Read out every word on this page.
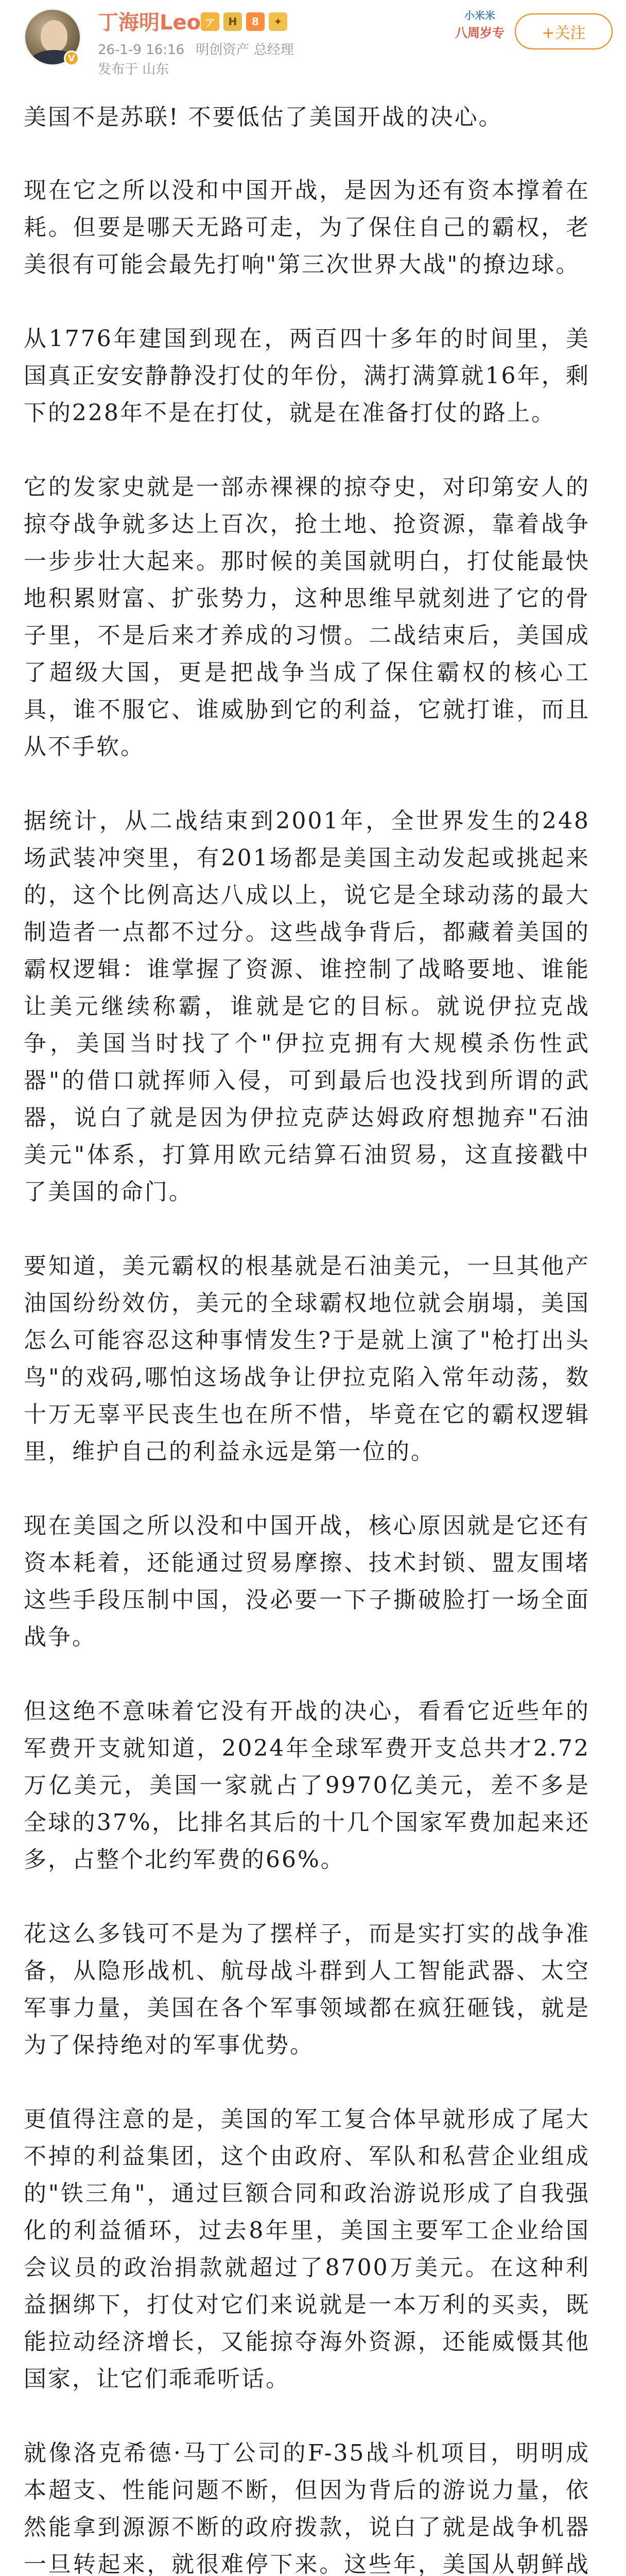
V
丁海明Leo ア	H	8	✦
26-1-9 16:16 明创资产 总经理
发布于 山东
小米米
八周岁专	+关注

美国不是苏联! 不要低估了美国开战的决心。

现在它之所以没和中国开战，是因为还有资本撑着在耗。但要是哪天无路可走，为了保住自己的霸权，老美很有可能会最先打响"第三次世界大战"的撩边球。

从1776年建国到现在，两百四十多年的时间里，美国真正安安静静没打仗的年份，满打满算就16年，剩下的228年不是在打仗，就是在准备打仗的路上。

它的发家史就是一部赤裸裸的掠夺史，对印第安人的掠夺战争就多达上百次，抢土地、抢资源，靠着战争一步步壮大起来。那时候的美国就明白，打仗能最快地积累财富、扩张势力，这种思维早就刻进了它的骨子里，不是后来才养成的习惯。二战结束后，美国成了超级大国，更是把战争当成了保住霸权的核心工具，谁不服它、谁威胁到它的利益，它就打谁，而且从不手软。

据统计，从二战结束到2001年，全世界发生的248场武装冲突里，有201场都是美国主动发起或挑起来的，这个比例高达八成以上，说它是全球动荡的最大制造者一点都不过分。这些战争背后，都藏着美国的霸权逻辑：谁掌握了资源、谁控制了战略要地、谁能让美元继续称霸，谁就是它的目标。就说伊拉克战争，美国当时找了个"伊拉克拥有大规模杀伤性武器"的借口就挥师入侵，可到最后也没找到所谓的武器，说白了就是因为伊拉克萨达姆政府想抛弃"石油美元"体系，打算用欧元结算石油贸易，这直接戳中了美国的命门。

要知道，美元霸权的根基就是石油美元，一旦其他产油国纷纷效仿，美元的全球霸权地位就会崩塌，美国怎么可能容忍这种事情发生?于是就上演了"枪打出头鸟"的戏码,哪怕这场战争让伊拉克陷入常年动荡，数十万无辜平民丧生也在所不惜，毕竟在它的霸权逻辑里，维护自己的利益永远是第一位的。

现在美国之所以没和中国开战，核心原因就是它还有资本耗着，还能通过贸易摩擦、技术封锁、盟友围堵这些手段压制中国，没必要一下子撕破脸打一场全面战争。

但这绝不意味着它没有开战的决心，看看它近些年的军费开支就知道，2024年全球军费开支总共才2.72万亿美元，美国一家就占了9970亿美元，差不多是全球的37%，比排名其后的十几个国家军费加起来还多，占整个北约军费的66%。

花这么多钱可不是为了摆样子，而是实打实的战争准备，从隐形战机、航母战斗群到人工智能武器、太空军事力量，美国在各个军事领域都在疯狂砸钱，就是为了保持绝对的军事优势。

更值得注意的是，美国的军工复合体早就形成了尾大不掉的利益集团，这个由政府、军队和私营企业组成的"铁三角"，通过巨额合同和政治游说形成了自我强化的利益循环，过去8年里，美国主要军工企业给国会议员的政治捐款就超过了8700万美元。在这种利益捆绑下，打仗对它们来说就是一本万利的买卖，既能拉动经济增长，又能掠夺海外资源，还能威慑其他国家，让它们乖乖听话。

就像洛克希德·马丁公司的F-35战斗机项目，明明成本超支、性能问题不断，但因为背后的游说力量，依然能拿到源源不断的政府拨款，说白了就是战争机器一旦转起来，就很难停下来。这些年，美国从朝鲜战
